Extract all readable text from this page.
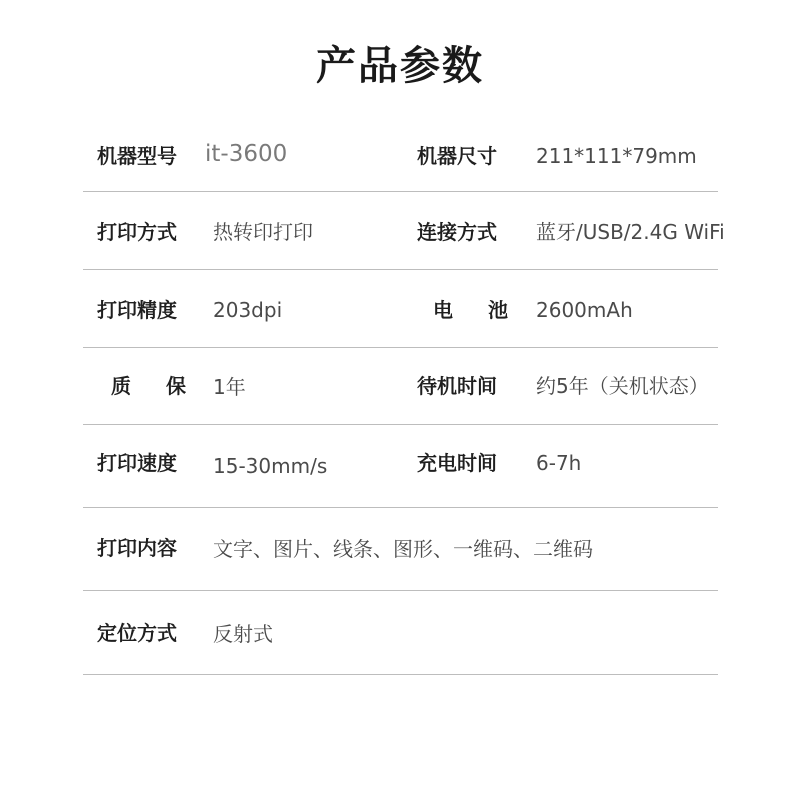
产品参数
机器型号 it-3600	机器尺寸 211*111*79mm
打印方式 热转印打印	连接方式 蓝牙/USB/2.4G WiFi
打印精度 203dpi	电 池 2600mAh
质 保 1年	待机时间 约5年（关机状态）
打印速度 15-30mm/s	充电时间 6-7h
打印内容 文字、图片、线条、图形、一维码、二维码
定位方式 反射式
